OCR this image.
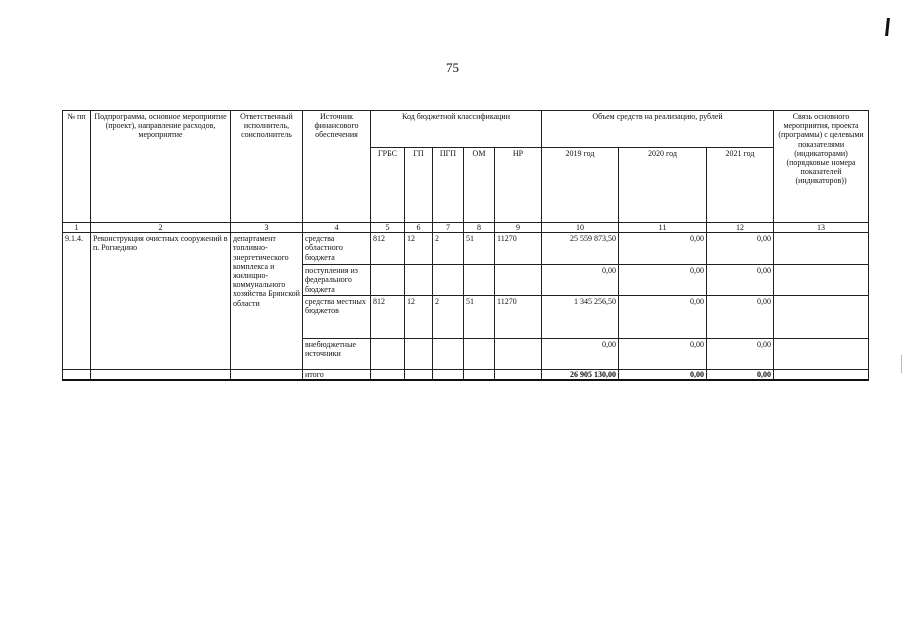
75
№ пп	Подпрограмма, основное мероприятие (проект), направление расходов, мероприятие	Ответственный исполнитель, соисполнитель	Источник финансового обеспечения	Код бюджетной классификации					Объем средств на реализацию, рублей			Связь основного мероприятия, проекта (программы) с целевыми показателями (индикаторами) (порядковые номера показателей (индикаторов))
				ГРБС	ГП	ПГП	ОМ	НР	2019 год	2020 год	2021 год	
1	2	3	4	5	6	7	8	9	10	11	12	13
9.1.4.	Реконструкция очистных сооружений в п. Рогнедино	департамент топливно-энергетического комплекса и жилищно-коммунального хозяйства Брянской области	средства областного бюджета	812	12	2	51	11270	25 559 873,50	0,00	0,00	
			поступления из федерального бюджета						0,00	0,00	0,00	
			средства местных бюджетов	812	12	2	51	11270	1 345 256,50	0,00	0,00	
			внебюджетные источники						0,00	0,00	0,00	
			итого						26 905 130,00	0,00	0,00	
